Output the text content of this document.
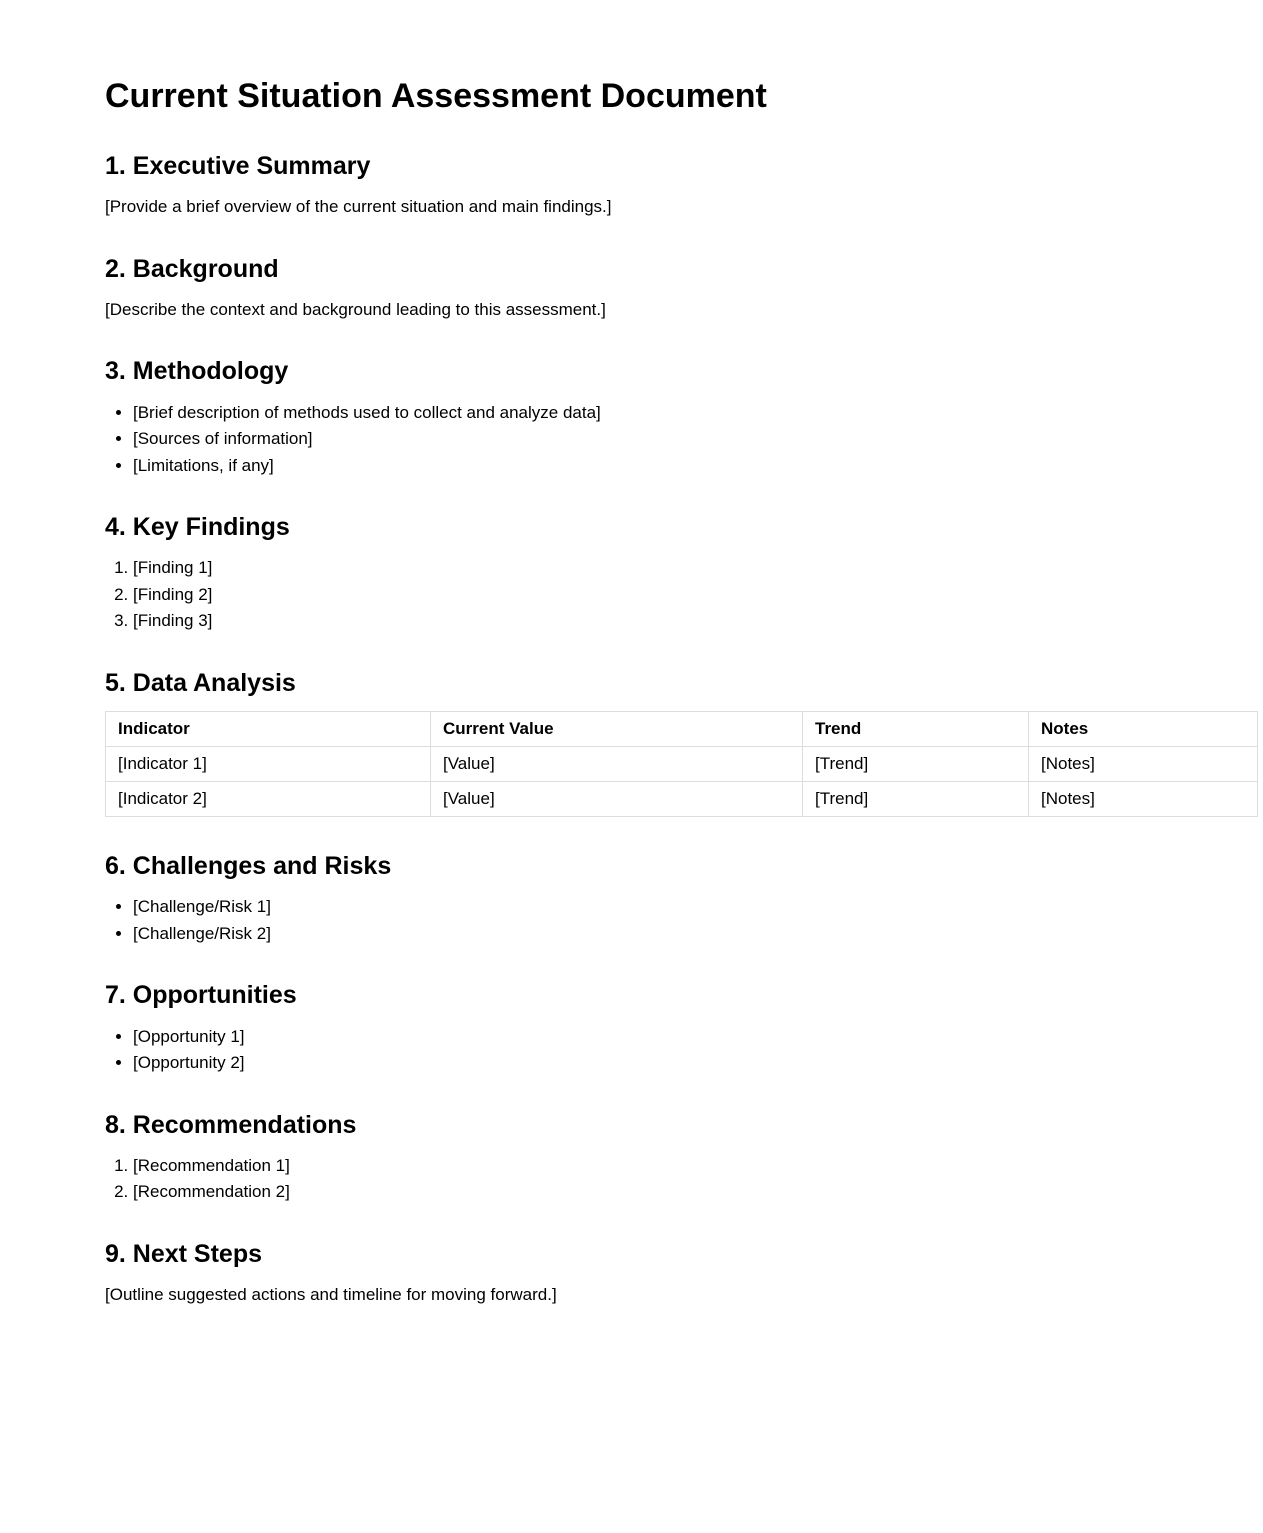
Current Situation Assessment Document
1. Executive Summary

[Provide a brief overview of the current situation and main findings.]

2. Background

[Describe the context and background leading to this assessment.]

3. Methodology
• [Brief description of methods used to collect and analyze data]
• [Sources of information]
• [Limitations, if any]
4. Key Findings
1. [Finding 1]
2. [Finding 2]
3. [Finding 3]
5. Data Analysis
Indicator	Current Value	Trend	Notes
[Indicator 1]	[Value]	[Trend]	[Notes]
[Indicator 2]	[Value]	[Trend]	[Notes]
6. Challenges and Risks
• [Challenge/Risk 1]
• [Challenge/Risk 2]
7. Opportunities
• [Opportunity 1]
• [Opportunity 2]
8. Recommendations
1. [Recommendation 1]
2. [Recommendation 2]
9. Next Steps

[Outline suggested actions and timeline for moving forward.]
